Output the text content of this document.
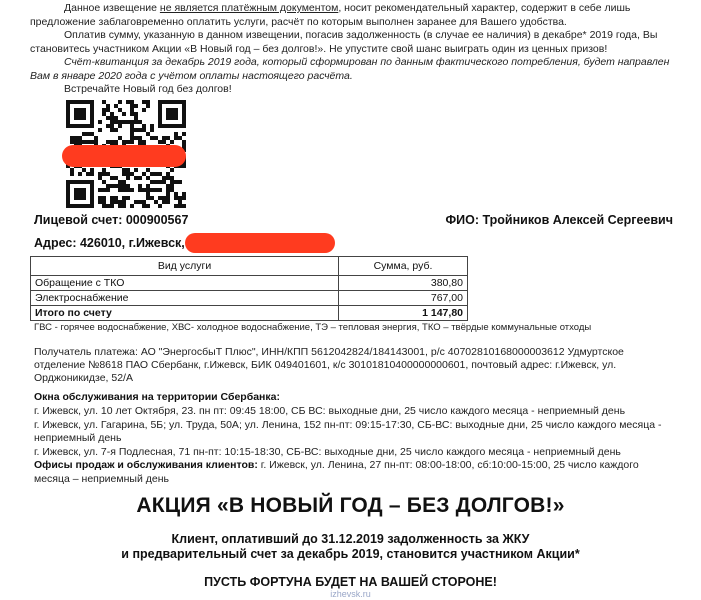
Данное извещение не является платёжным документом, носит рекомендательный характер, содержит в себе лишь предложение заблаговременно оплатить услуги, расчёт по которым выполнен заранее для Вашего удобства.

Оплатив сумму, указанную в данном извещении, погасив задолженность (в случае ее наличия) в декабре* 2019 года, Вы становитесь участником Акции «В Новый год – без долгов!». Не упустите свой шанс выиграть один из ценных призов!

Счёт-квитанция за декабрь 2019 года, который сформирован по данным фактического потребления, будет направлен Вам в январе 2020 года с учётом оплаты настоящего расчёта.

Встречайте Новый год без долгов!

Лицевой счет: 000900567	ФИО: Тройников Алексей Сергеевич
Адрес: 426010, г.Ижевск,
Вид услуги	Сумма, руб.
Обращение с ТКО	380,80
Электроснабжение	767,00
Итого по счету	1 147,80
ГВС - горячее водоснабжение, ХВС- холодное водоснабжение, ТЭ – тепловая энергия, ТКО – твёрдые коммунальные отходы
Получатель платежа: АО "ЭнергосбыТ Плюс", ИНН/КПП 5612042824/184143001, р/с 40702810168000003612 Удмуртское отделение №8618 ПАО Сбербанк, г.Ижевск, БИК 049401601, к/с 30101810400000000601, почтовый адрес: г.Ижевск, ул. Орджоникидзе, 52/А
Окна обслуживания на территории Сбербанка:

г. Ижевск, ул. 10 лет Октября, 23. пн пт: 09:45 18:00, СБ ВС: выходные дни, 25 число каждого месяца - неприемный день

г. Ижевск, ул. Гагарина, 5Б; ул. Труда, 50А; ул. Ленина, 152 пн-пт: 09:15-17:30, СБ-ВС: выходные дни, 25 число каждого месяца - неприемный день

г. Ижевск, ул. 7-я Подлесная, 71 пн-пт: 10:15-18:30, СБ-ВС: выходные дни, 25 число каждого месяца - неприемный день

Офисы продаж и обслуживания клиентов: г. Ижевск, ул. Ленина, 27 пн-пт: 08:00-18:00, сб:10:00-15:00, 25 число каждого месяца – неприемный день

АКЦИЯ «В НОВЫЙ ГОД – БЕЗ ДОЛГОВ!»
Клиент, оплативший до 31.12.2019 задолженность за ЖКУ
и предварительный счет за декабрь 2019, становится участником Акции*
ПУСТЬ ФОРТУНА БУДЕТ НА ВАШЕЙ СТОРОНЕ!
izhevsk.ru
